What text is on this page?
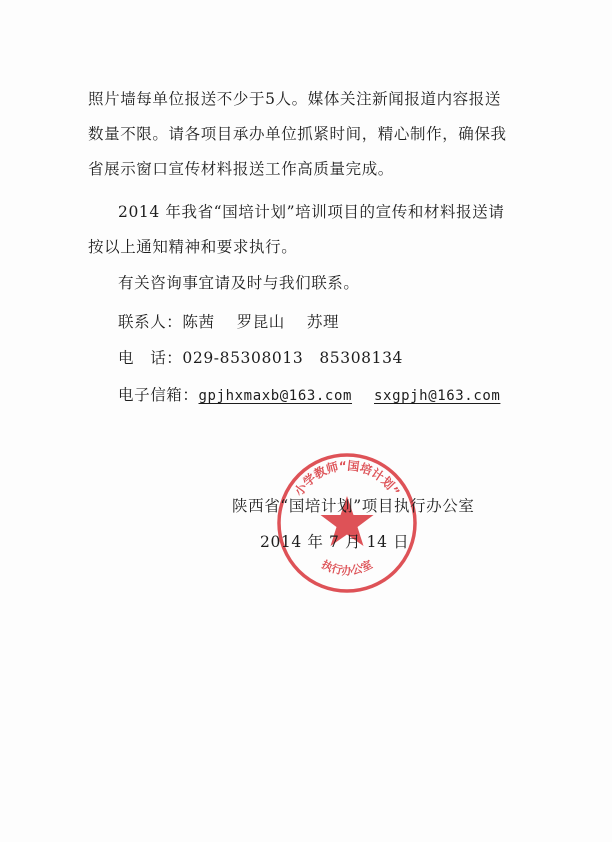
照片墙每单位报送不少于5人。媒体关注新闻报道内容报送
数量不限。请各项目承办单位抓紧时间，精心制作，确保我
省展示窗口宣传材料报送工作高质量完成。
2014 年我省“国培计划”培训项目的宣传和材料报送请
按以上通知精神和要求执行。
有关咨询事宜请及时与我们联系。
联系人：陈茜 罗昆山 苏理
电　话：029-85308013 85308134
电子信箱：gpjhxmaxb@163.com sxgpjh@163.com
小学教师“国培计划”
执行办公室
陕西省“国培计划”项目执行办公室
2014 年 7 月 14 日
